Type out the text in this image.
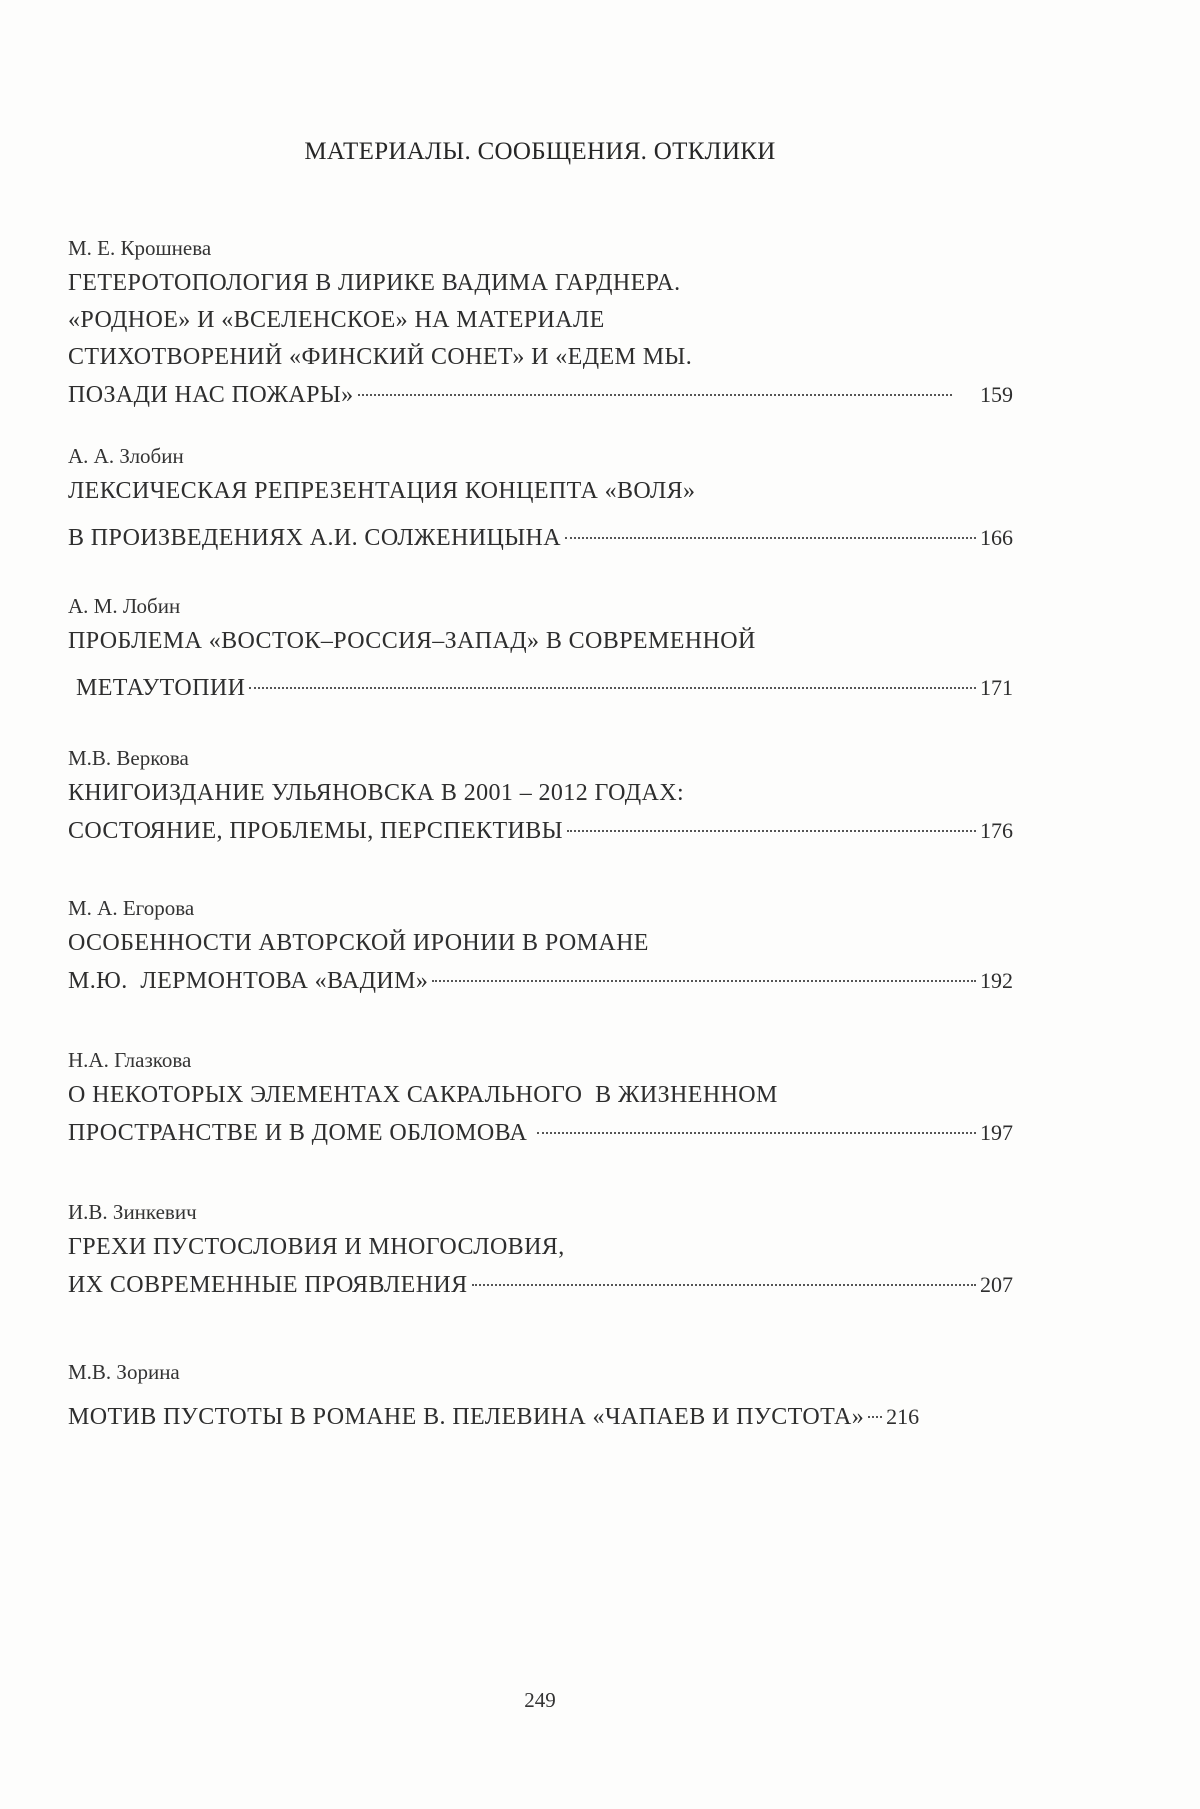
МАТЕРИАЛЫ. СООБЩЕНИЯ. ОТКЛИКИ
М. Е. Крошнева
ГЕТЕРОТОПОЛОГИЯ В ЛИРИКЕ ВАДИМА ГАРДНЕРА.
«РОДНОЕ» И «ВСЕЛЕНСКОЕ» НА МАТЕРИАЛЕ
СТИХОТВОРЕНИЙ «ФИНСКИЙ СОНЕТ» И «ЕДЕМ МЫ.
ПОЗАДИ НАС ПОЖАРЫ»	159
А. А. Злобин
ЛЕКСИЧЕСКАЯ РЕПРЕЗЕНТАЦИЯ КОНЦЕПТА «ВОЛЯ»
В ПРОИЗВЕДЕНИЯХ А.И. СОЛЖЕНИЦЫНА	166
А. М. Лобин
ПРОБЛЕМА «ВОСТОК–РОССИЯ–ЗАПАД» В СОВРЕМЕННОЙ
МЕТАУТОПИИ	171
М.В. Веркова
КНИГОИЗДАНИЕ УЛЬЯНОВСКА В 2001 – 2012 ГОДАХ:
СОСТОЯНИЕ, ПРОБЛЕМЫ, ПЕРСПЕКТИВЫ	176
М. А. Егорова
ОСОБЕННОСТИ АВТОРСКОЙ ИРОНИИ В РОМАНЕ
М.Ю.  ЛЕРМОНТОВА «ВАДИМ»	192
Н.А. Глазкова
О НЕКОТОРЫХ ЭЛЕМЕНТАХ САКРАЛЬНОГО  В ЖИЗНЕННОМ
ПРОСТРАНСТВЕ И В ДОМЕ ОБЛОМОВА	197
И.В. Зинкевич
ГРЕХИ ПУСТОСЛОВИЯ И МНОГОСЛОВИЯ,
ИХ СОВРЕМЕННЫЕ ПРОЯВЛЕНИЯ	207
М.В. Зорина
МОТИВ ПУСТОТЫ В РОМАНЕ В. ПЕЛЕВИНА «ЧАПАЕВ И ПУСТОТА» 216
249
